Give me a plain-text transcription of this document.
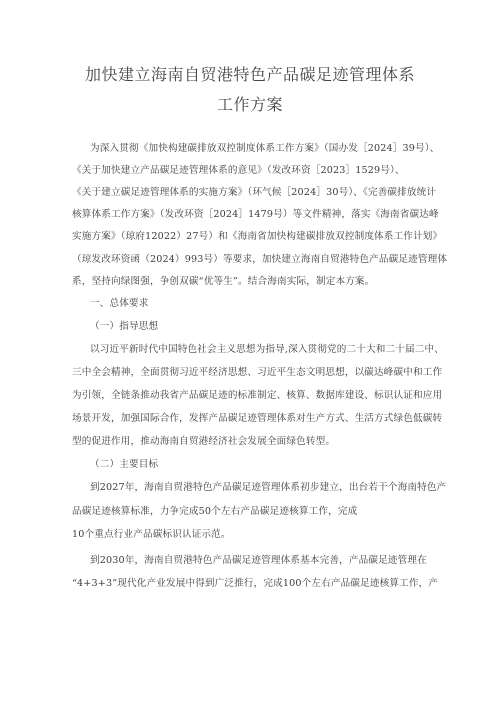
加快建立海南自贸港特色产品碳足迹管理体系
工作方案
为深入贯彻《加快构建碳排放双控制度体系工作方案》（国办发［2024］39号）、
《关于加快建立产品碳足迹管理体系的意见》（发改环资［2023］1529号）、
《关于建立碳足迹管理体系的实施方案》（环气候［2024］30号）、《完善碳排放统计
核算体系工作方案》（发改环资［2024］1479号）等文件精神，落实《海南省碳达峰
实施方案》（琼府12022）27号）和《海南省加快构建碳排放双控制度体系工作计划》
（琼发改环资函（2024）993号）等要求，加快建立海南自贸港特色产品碳足迹管理体
系，坚持向绿图强，争创双碳“优等生”。结合海南实际，制定本方案。
一、总体要求
（一）指导思想
以习近平新时代中国特色社会主义思想为指导,深入贯彻党的二十大和二十届二中、
三中全会精神，全面贯彻习近平经济思想、习近平生态文明思想，以碳达峰碳中和工作
为引领，全链条推动我省产品碳足迹的标准制定、核算、数据库建设、标识认证和应用
场景开发，加强国际合作，发挥产品碳足迹管理体系对生产方式、生活方式绿色低碳转
型的促进作用，推动海南自贸港经济社会发展全面绿色转型。
（二）主要目标
到2027年，海南自贸港特色产品碳足迹管理体系初步建立，出台若干个海南特色产
品碳足迹核算标准，力争完成50个左右产品碳足迹核算工作，完成
10个重点行业产品碳标识认证示范。
到2030年，海南自贸港特色产品碳足迹管理体系基本完善，产品碳足迹管理在
“4+3+3”现代化产业发展中得到广泛推行，完成100个左右产品碳足迹核算工作，产
